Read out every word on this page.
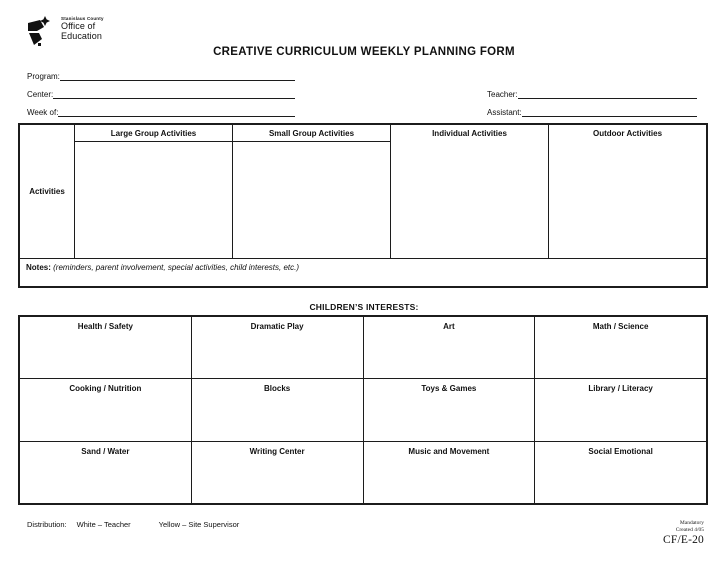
Stanislaus County
Office of
Education
CREATIVE CURRICULUM WEEKLY PLANNING FORM
Program:
Center:
Week of:
Teacher:
Assistant:
Activities
Large Group Activities	Small Group Activities	Individual Activities	Outdoor Activities
Notes: (reminders, parent involvement, special activities, child interests, etc.)
CHILDREN’S INTERESTS:
Health / Safety	Dramatic Play	Art	Math / Science
Cooking / Nutrition	Blocks	Toys & Games	Library / Literacy
Sand / Water	Writing Center	Music and Movement	Social Emotional
Distribution: White – Teacher	Yellow – Site Supervisor	Mandatory
Created 4/05
CF/E-20
